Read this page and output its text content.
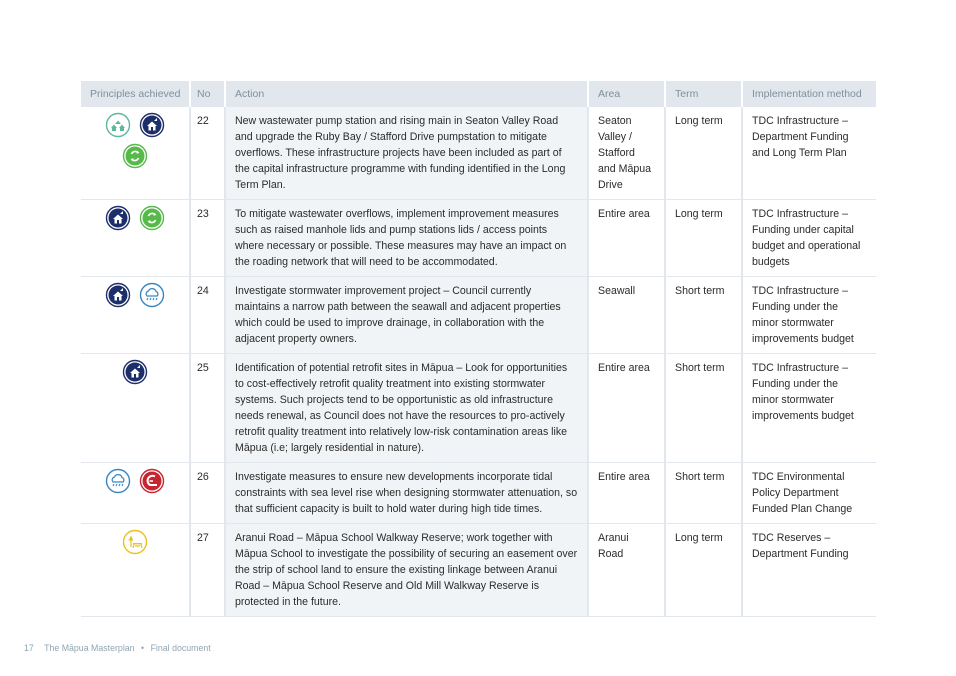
Principles achieved	No	Action	Area	Term	Implementation method

	22	New wastewater pump station and rising main in Seaton Valley Road and upgrade the Ruby Bay / Stafford Drive pumpstation to mitigate overflows. These infrastructure projects have been included as part of the capital infrastructure programme with funding identified in the Long Term Plan.	Seaton Valley / Stafford and Māpua Drive	Long term	TDC Infrastructure – Department Funding and Long Term Plan

	23	To mitigate wastewater overflows, implement improvement measures such as raised manhole lids and pump stations lids / access points where necessary or possible. These measures may have an impact on the roading network that will need to be accommodated.	Entire area	Long term	TDC Infrastructure – Funding under capital budget and operational budgets

	24	Investigate stormwater improvement project – Council currently maintains a narrow path between the seawall and adjacent properties which could be used to improve drainage, in collaboration with the adjacent property owners.	Seawall	Short term	TDC Infrastructure – Funding under the minor stormwater improvements budget

	25	Identification of potential retrofit sites in Māpua – Look for opportunities to cost-effectively retrofit quality treatment into existing stormwater systems. Such projects tend to be opportunistic as old infrastructure needs renewal, as Council does not have the resources to pro-actively retrofit quality treatment into relatively low-risk contamination areas like Māpua (i.e; largely residential in nature).	Entire area	Short term	TDC Infrastructure – Funding under the minor stormwater improvements budget

	26	Investigate measures to ensure new developments incorporate tidal constraints with sea level rise when designing stormwater attenuation, so that sufficient capacity is built to hold water during high tide times.	Entire area	Short term	TDC Environmental Policy Department Funded Plan Change

	27	Aranui Road – Māpua School Walkway Reserve; work together with Māpua School to investigate the possibility of securing an easement over the strip of school land to ensure the existing linkage between Aranui Road – Māpua School Reserve and Old Mill Walkway Reserve is protected in the future.	Aranui Road	Long term	TDC Reserves – Department Funding
17 The Māpua Masterplan • Final document
